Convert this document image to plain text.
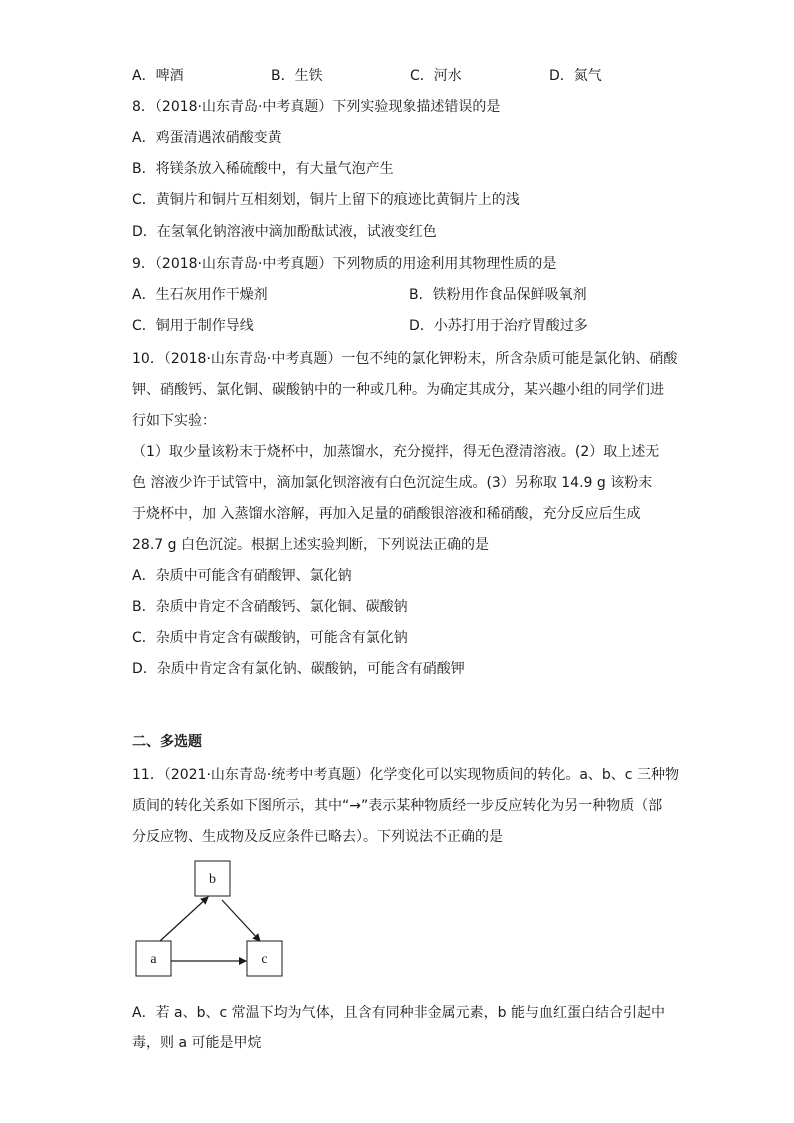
A．啤酒	B．生铁	C．河水	D．氮气
8．（2018·山东青岛·中考真题）下列实验现象描述错误的是
A．鸡蛋清遇浓硝酸变黄
B．将镁条放入稀硫酸中，有大量气泡产生
C．黄铜片和铜片互相刻划，铜片上留下的痕迹比黄铜片上的浅
D．在氢氧化钠溶液中滴加酚酞试液，试液变红色
9．（2018·山东青岛·中考真题）下列物质的用途利用其物理性质的是
A．生石灰用作干燥剂	B．铁粉用作食品保鲜吸氧剂
C．铜用于制作导线	D．小苏打用于治疗胃酸过多
10．（2018·山东青岛·中考真题）一包不纯的氯化钾粉末，所含杂质可能是氯化钠、硝酸
钾、硝酸钙、氯化铜、碳酸钠中的一种或几种。为确定其成分，某兴趣小组的同学们进
行如下实验：
（1）取少量该粉末于烧杯中，加蒸馏水，充分搅拌，得无色澄清溶液。(2）取上述无
色 溶液少许于试管中，滴加氯化钡溶液有白色沉淀生成。(3）另称取 14.9 g 该粉末
于烧杯中，加 入蒸馏水溶解，再加入足量的硝酸银溶液和稀硝酸，充分反应后生成
28.7 g 白色沉淀。根据上述实验判断，下列说法正确的是
A．杂质中可能含有硝酸钾、氯化钠
B．杂质中肯定不含硝酸钙、氯化铜、碳酸钠
C．杂质中肯定含有碳酸钠，可能含有氯化钠
D．杂质中肯定含有氯化钠、碳酸钠，可能含有硝酸钾
二、多选题
11．（2021·山东青岛·统考中考真题）化学变化可以实现物质间的转化。a、b、c 三种物
质间的转化关系如下图所示，其中“→”表示某种物质经一步反应转化为另一种物质（部
分反应物、生成物及反应条件已略去）。下列说法不正确的是
b
a	c
A．若 a、b、c 常温下均为气体，且含有同种非金属元素，b 能与血红蛋白结合引起中
毒，则 a 可能是甲烷
